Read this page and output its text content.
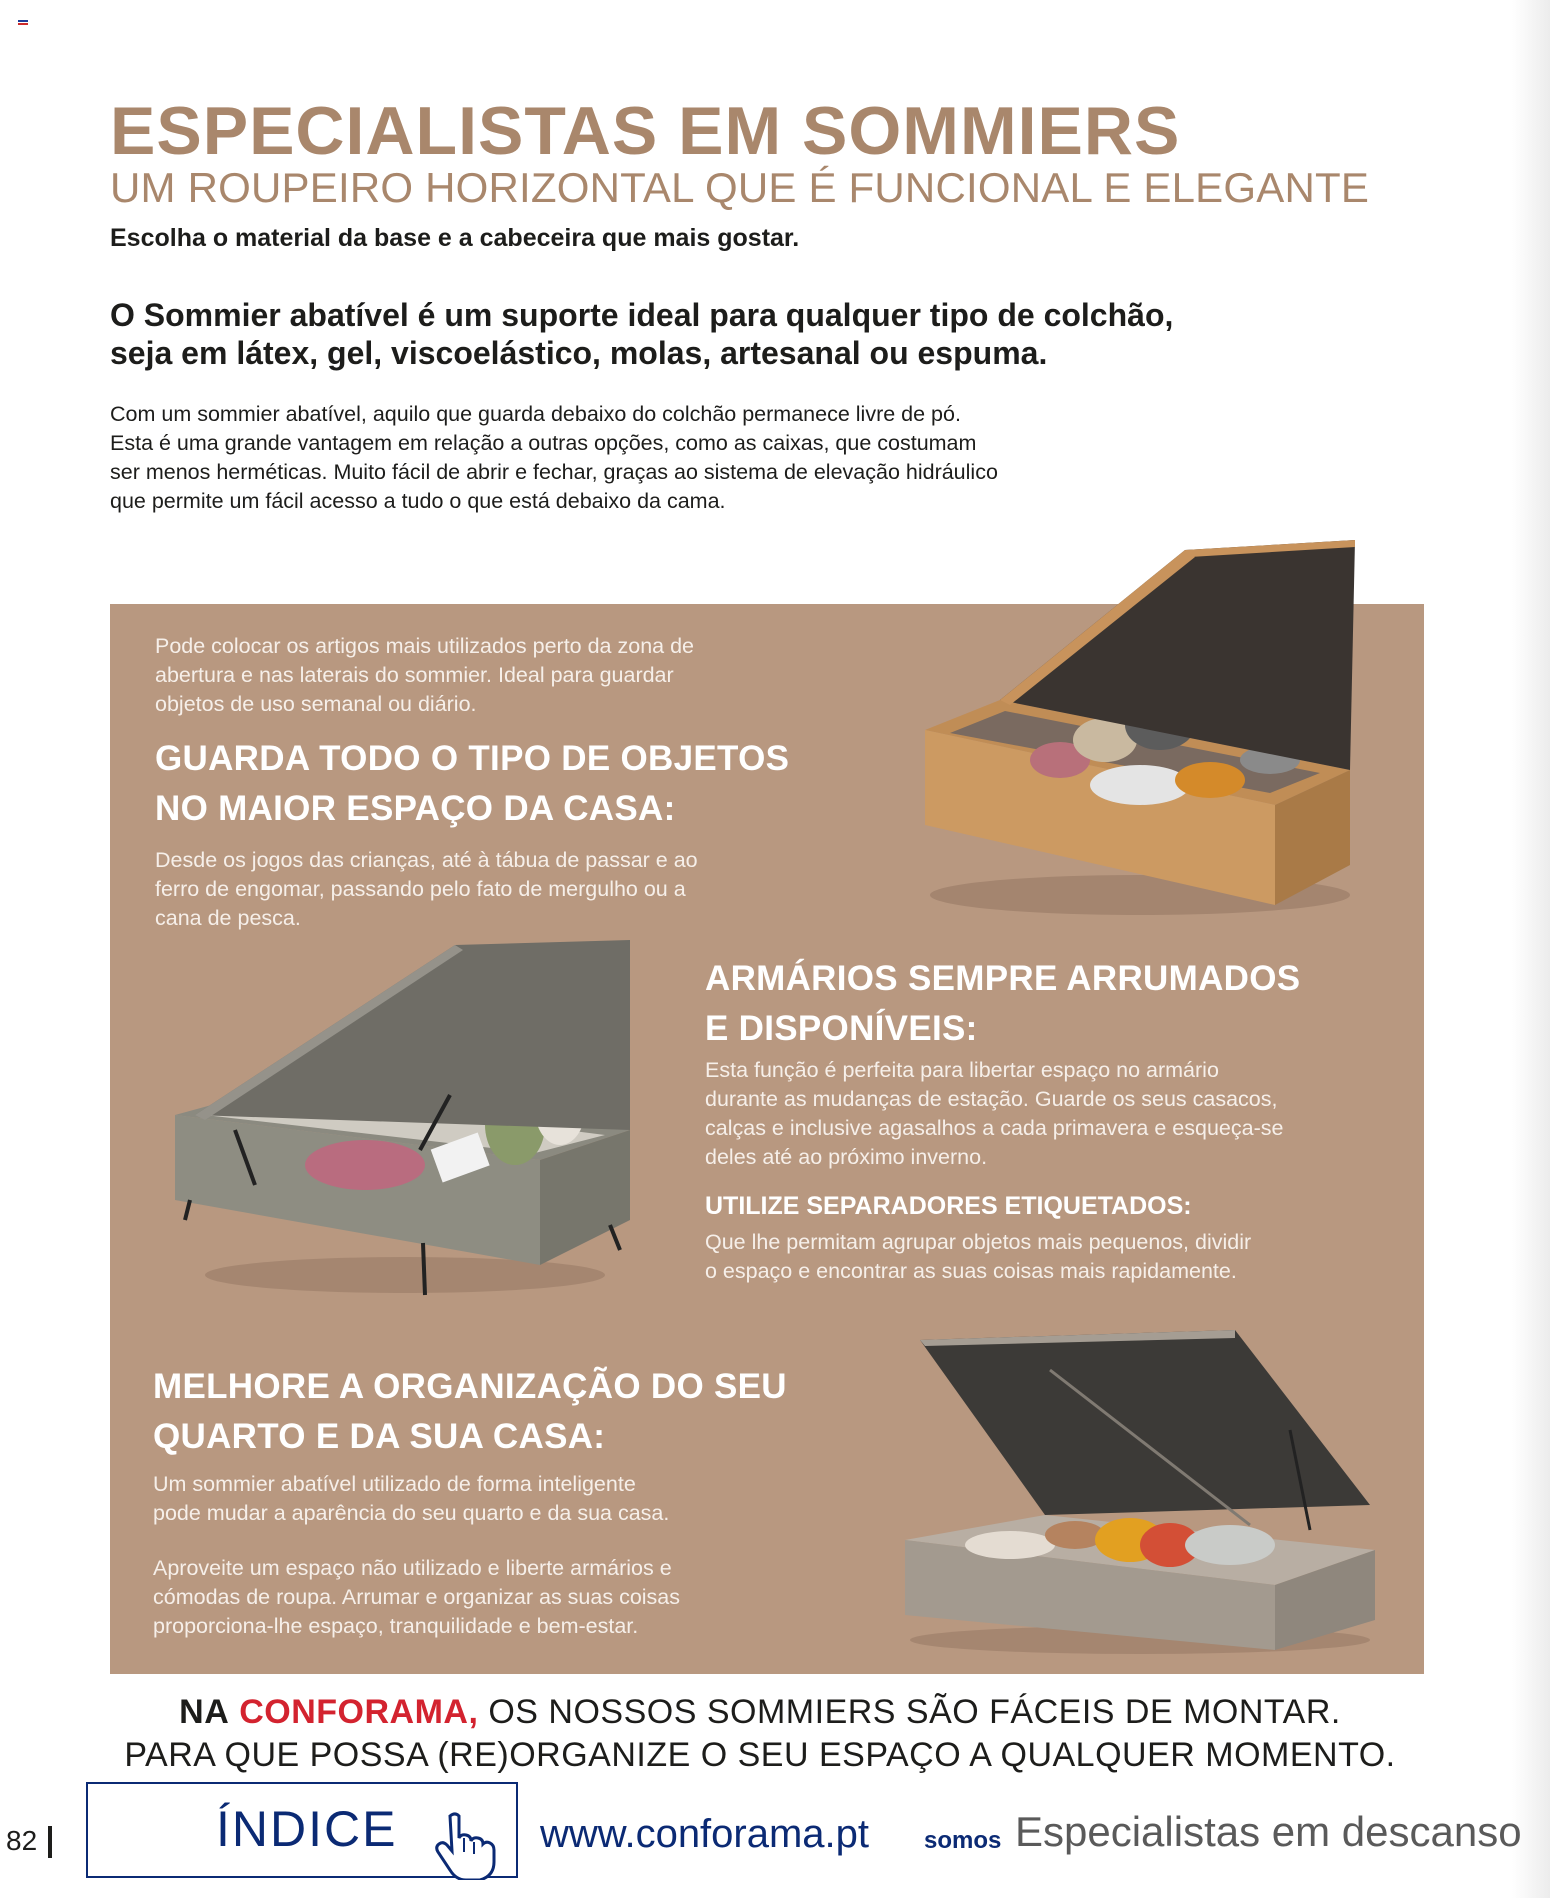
ESPECIALISTAS EM SOMMIERS
UM ROUPEIRO HORIZONTAL QUE É FUNCIONAL E ELEGANTE
Escolha o material da base e a cabeceira que mais gostar.
O Sommier abatível é um suporte ideal para qualquer tipo de colchão,
seja em látex, gel, viscoelástico, molas, artesanal ou espuma.
Com um sommier abatível, aquilo que guarda debaixo do colchão permanece livre de pó.
Esta é uma grande vantagem em relação a outras opções, como as caixas, que costumam
ser menos herméticas. Muito fácil de abrir e fechar, graças ao sistema de elevação hidráulico
que permite um fácil acesso a tudo o que está debaixo da cama.
Pode colocar os artigos mais utilizados perto da zona de
abertura e nas laterais do sommier. Ideal para guardar
objetos de uso semanal ou diário.
GUARDA TODO O TIPO DE OBJETOS
NO MAIOR ESPAÇO DA CASA:
Desde os jogos das crianças, até à tábua de passar e ao
ferro de engomar, passando pelo fato de mergulho ou a
cana de pesca.
ARMÁRIOS SEMPRE ARRUMADOS
E DISPONÍVEIS:
Esta função é perfeita para libertar espaço no armário
durante as mudanças de estação. Guarde os seus casacos,
calças e inclusive agasalhos a cada primavera e esqueça-se
deles até ao próximo inverno.
UTILIZE SEPARADORES ETIQUETADOS:
Que lhe permitam agrupar objetos mais pequenos, dividir
o espaço e encontrar as suas coisas mais rapidamente.
MELHORE A ORGANIZAÇÃO DO SEU
QUARTO E DA SUA CASA:
Um sommier abatível utilizado de forma inteligente
pode mudar a aparência do seu quarto e da sua casa.
Aproveite um espaço não utilizado e liberte armários e
cómodas de roupa. Arrumar e organizar as suas coisas
proporciona-lhe espaço, tranquilidade e bem-estar.
NA CONFORAMA, OS NOSSOS SOMMIERS SÃO FÁCEIS DE MONTAR.
PARA QUE POSSA (RE)ORGANIZE O SEU ESPAÇO A QUALQUER MOMENTO.
82	ÍNDICE	www.conforama.pt somos Especialistas em descanso
